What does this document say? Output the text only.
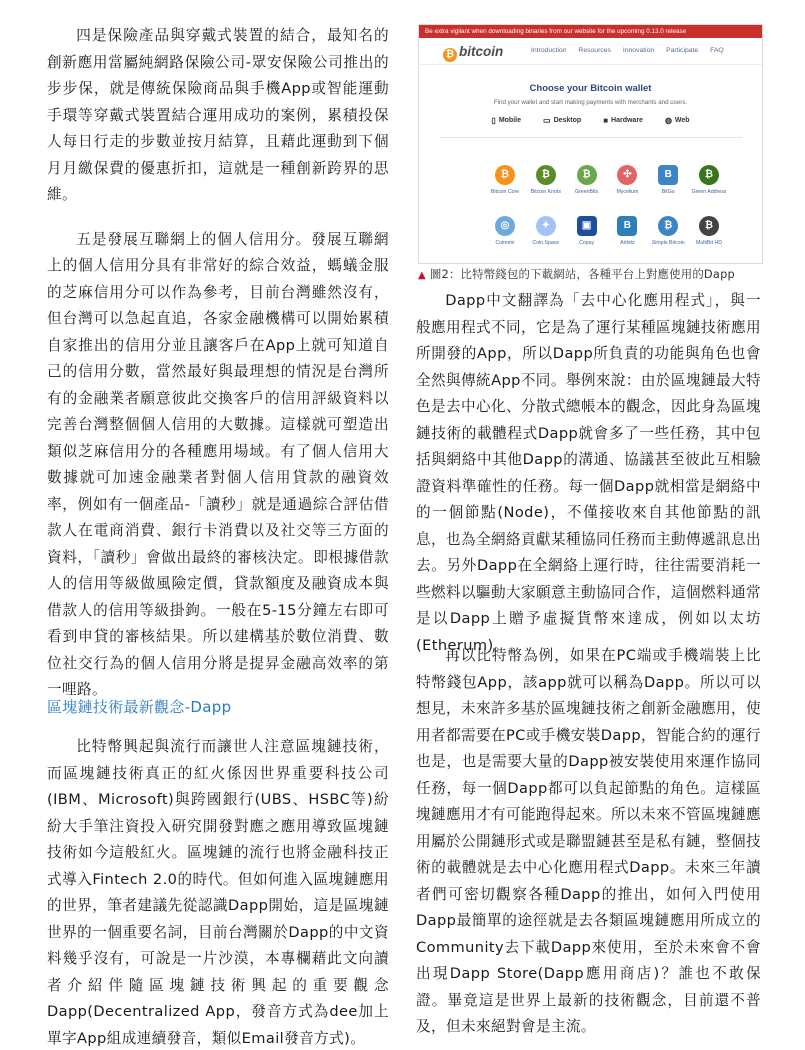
四是保險產品與穿戴式裝置的結合，最知名的創新應用當屬純網路保險公司-眾安保險公司推出的步步保，就是傳統保險商品與手機App或智能運動手環等穿戴式裝置結合運用成功的案例，累積投保人每日行走的步數並按月結算，且藉此運動到下個月月繳保費的優惠折扣，這就是一種創新跨界的思維。

五是發展互聯網上的個人信用分。發展互聯網上的個人信用分具有非常好的綜合效益，螞蟻金服的芝麻信用分可以作為參考，目前台灣雖然沒有，但台灣可以急起直追，各家金融機構可以開始累積自家推出的信用分並且讓客戶在App上就可知道自己的信用分數，當然最好與最理想的情況是台灣所有的金融業者願意彼此交換客戶的信用評級資料以完善台灣整個個人信用的大數據。這樣就可塑造出類似芝麻信用分的各種應用場域。有了個人信用大數據就可加速金融業者對個人信用貸款的融資效率，例如有一個產品-「讀秒」就是通過綜合評估借款人在電商消費、銀行卡消費以及社交等三方面的資料，「讀秒」會做出最終的審核決定。即根據借款人的信用等級做風險定價，貸款額度及融資成本與借款人的信用等級掛鉤。一般在5-15分鐘左右即可看到申貸的審核結果。所以建構基於數位消費、數位社交行為的個人信用分將是提昇金融高效率的第一哩路。

區塊鏈技術最新觀念-Dapp

比特幣興起與流行而讓世人注意區塊鏈技術，而區塊鏈技術真正的紅火係因世界重要科技公司(IBM、Microsoft)與跨國銀行(UBS、HSBC等)紛紛大手筆注資投入研究開發對應之應用導致區塊鏈技術如今這般紅火。區塊鏈的流行也將金融科技正式導入Fintech 2.0的時代。但如何進入區塊鏈應用的世界，筆者建議先從認識Dapp開始，這是區塊鏈世界的一個重要名詞，目前台灣關於Dapp的中文資料幾乎沒有，可說是一片沙漠，本專欄藉此文向讀者介紹伴隨區塊鏈技術興起的重要觀念Dapp(Decentralized App，發音方式為dee加上單字App組成連續發音，類似Email發音方式)。

Be extra vigilant when downloading binaries from our website for the upcoming 0.13.0 release
₿ bitcoin	Introduction Resources Innovation Participate FAQ
Choose your Bitcoin wallet
Find your wallet and start making payments with merchants and users.
▯ Mobile	▭ Desktop	■ Hardware	◍ Web
₿
Bitcoin Core
₿
Bitcoin Knots
₿
GreenBits
✣
Mycelium
B
BitGo
₿
Green Address
◎
Coinomi
✦
Coin.Space
▣
Copay
B
Airbitz
₿
Simple Bitcoin
₿
MultiBit HD
▲ 圖2：比特幣錢包的下載網站，各種平台上對應使用的Dapp

Dapp中文翻譯為「去中心化應用程式」，與一般應用程式不同，它是為了運行某種區塊鏈技術應用所開發的App，所以Dapp所負責的功能與角色也會全然與傳統App不同。舉例來說：由於區塊鏈最大特色是去中心化、分散式總帳本的觀念，因此身為區塊鏈技術的載體程式Dapp就會多了一些任務，其中包括與網絡中其他Dapp的溝通、協議甚至彼此互相驗證資料準確性的任務。每一個Dapp就相當是網絡中的一個節點(Node)，不僅接收來自其他節點的訊息，也為全網絡貢獻某種協同任務而主動傳遞訊息出去。另外Dapp在全網絡上運行時，往往需要消耗一些燃料以驅動大家願意主動協同合作，這個燃料通常是以Dapp上贈予虛擬貨幣來達成，例如以太坊(Etherum)。

再以比特幣為例，如果在PC端或手機端裝上比特幣錢包App，該app就可以稱為Dapp。所以可以想見，未來許多基於區塊鏈技術之創新金融應用，使用者都需要在PC或手機安裝Dapp，智能合約的運行也是，也是需要大量的Dapp被安裝使用來運作協同任務，每一個Dapp都可以負起節點的角色。這樣區塊鏈應用才有可能跑得起來。所以未來不管區塊鏈應用屬於公開鏈形式或是聯盟鏈甚至是私有鏈，整個技術的載體就是去中心化應用程式Dapp。未來三年讀者們可密切觀察各種Dapp的推出，如何入門使用Dapp最簡單的途徑就是去各類區塊鏈應用所成立的Community去下載Dapp來使用，至於未來會不會出現Dapp Store(Dapp應用商店)？誰也不敢保證。畢竟這是世界上最新的技術觀念，目前還不普及，但未來絕對會是主流。
